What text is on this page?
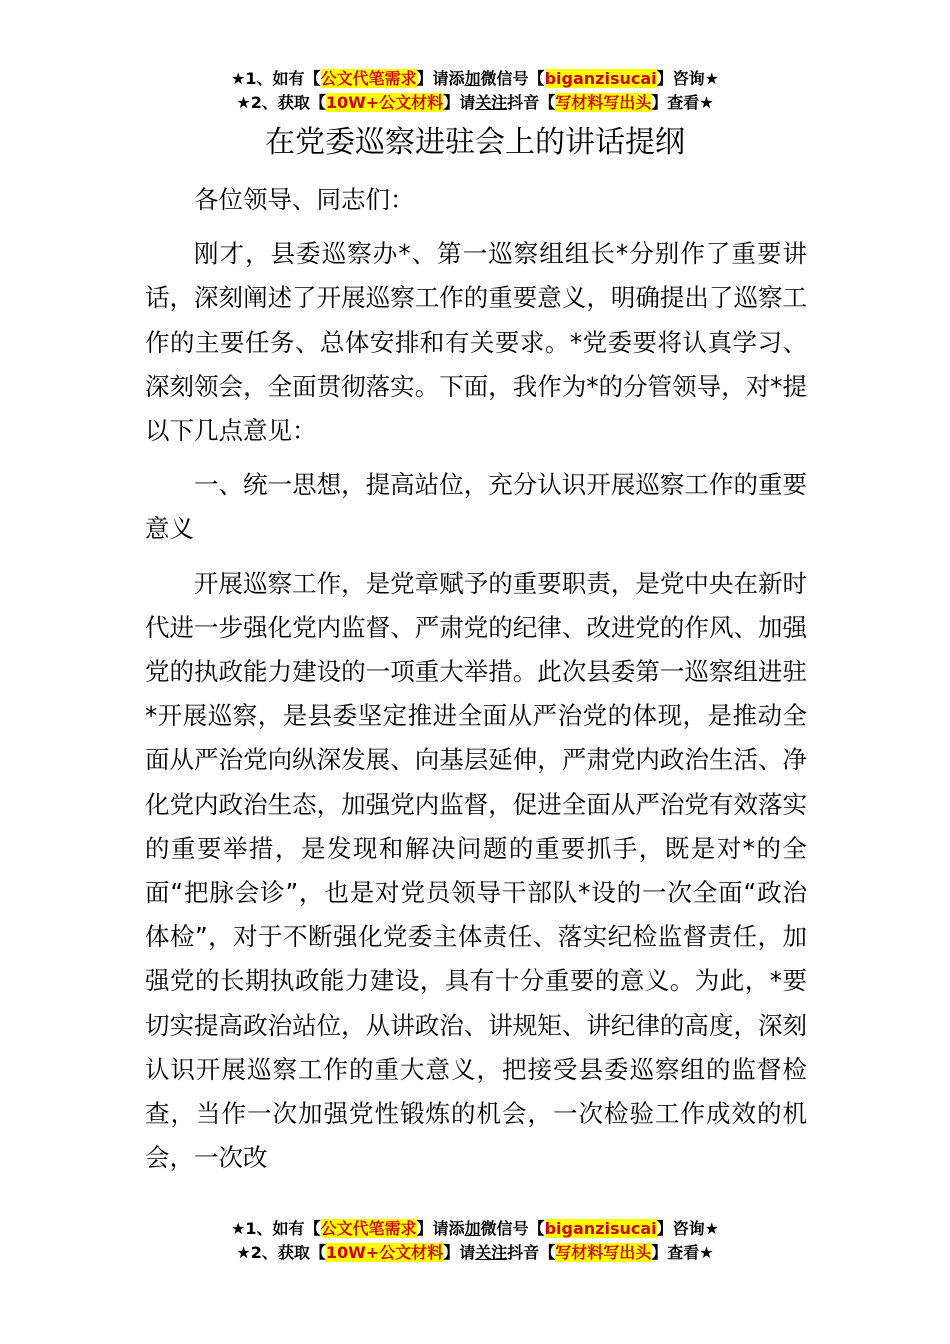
★1、如有【公文代笔需求】请添加微信号【biganzisucai】咨询★
★2、获取【10W+公文材料】请关注抖音【写材料写出头】查看★
在党委巡察进驻会上的讲话提纲

各位领导、同志们：

刚才，县委巡察办*、第一巡察组组长*分别作了重要讲话，深刻阐述了开展巡察工作的重要意义，明确提出了巡察工作的主要任务、总体安排和有关要求。*党委要将认真学习、深刻领会，全面贯彻落实。下面，我作为*的分管领导，对*提以下几点意见：

一、统一思想，提高站位，充分认识开展巡察工作的重要意义

开展巡察工作，是党章赋予的重要职责，是党中央在新时代进一步强化党内监督、严肃党的纪律、改进党的作风、加强党的执政能力建设的一项重大举措。此次县委第一巡察组进驻*开展巡察，是县委坚定推进全面从严治党的体现，是推动全面从严治党向纵深发展、向基层延伸，严肃党内政治生活、净化党内政治生态，加强党内监督，促进全面从严治党有效落实的重要举措，是发现和解决问题的重要抓手，既是对*的全面“把脉会诊”，也是对党员领导干部队*设的一次全面“政治体检”，对于不断强化党委主体责任、落实纪检监督责任，加强党的长期执政能力建设，具有十分重要的意义。为此，*要切实提高政治站位，从讲政治、讲规矩、讲纪律的高度，深刻认识开展巡察工作的重大意义，把接受县委巡察组的监督检查，当作一次加强党性锻炼的机会，一次检验工作成效的机会，一次改

★1、如有【公文代笔需求】请添加微信号【biganzisucai】咨询★
★2、获取【10W+公文材料】请关注抖音【写材料写出头】查看★
